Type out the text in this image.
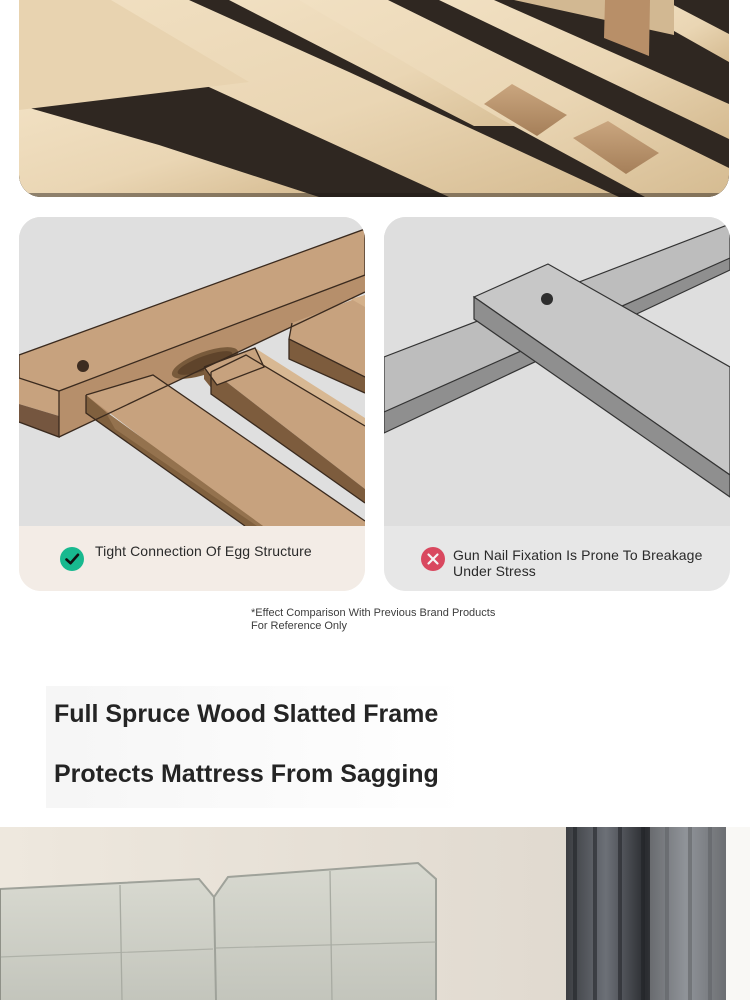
Tight Connection Of Egg Structure	Gun Nail Fixation Is Prone To Breakage Under Stress
*Effect Comparison With Previous Brand Products For Reference Only
Full Spruce Wood Slatted Frame
Protects Mattress From Sagging
